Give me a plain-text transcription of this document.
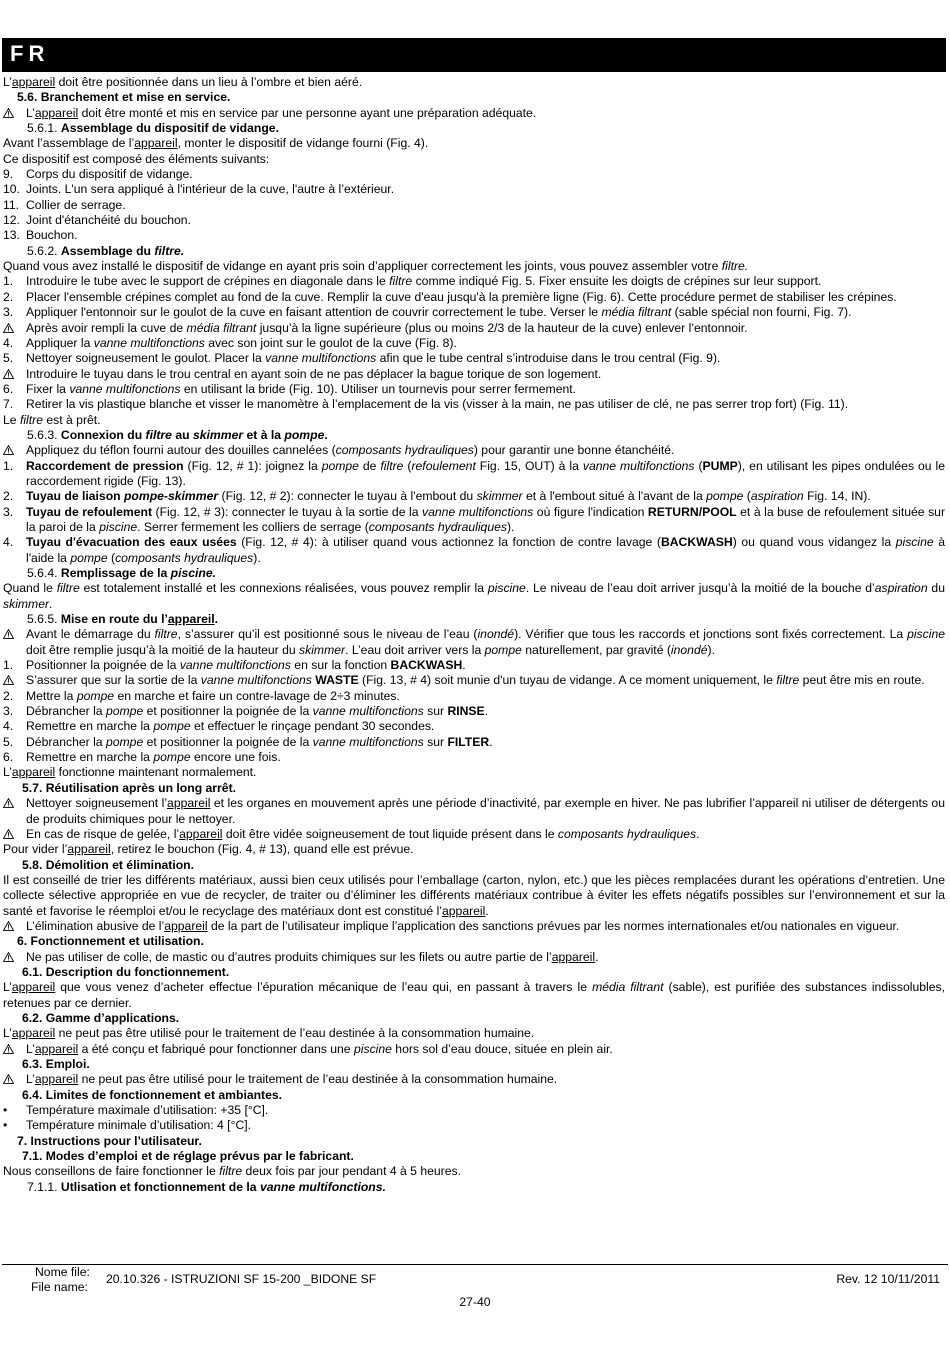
FR
L’appareil doit être positionnée dans un lieu à l’ombre et bien aéré.
5.6. Branchement et mise en service.
L’appareil doit être monté et mis en service par une personne ayant une préparation adéquate.
5.6.1. Assemblage du dispositif de vidange.
Avant l’assemblage de l’appareil, monter le dispositif de vidange fourni (Fig. 4).
Ce dispositif est composé des éléments suivants:
9. Corps du dispositif de vidange.
10. Joints. L'un sera appliqué à l'intérieur de la cuve, l'autre à l’extérieur.
11. Collier de serrage.
12. Joint d'étanchéité du bouchon.
13. Bouchon.
5.6.2. Assemblage du filtre.
Quand vous avez installé le dispositif de vidange en ayant pris soin d’appliquer correctement les joints, vous pouvez assembler votre filtre.
1. Introduire le tube avec le support de crépines en diagonale dans le filtre comme indiqué Fig. 5. Fixer ensuite les doigts de crépines sur leur support.
2. Placer l'ensemble crépines complet au fond de la cuve. Remplir la cuve d'eau jusqu'à la première ligne (Fig. 6). Cette procédure permet de stabiliser les crépines.
3. Appliquer l'entonnoir sur le goulot de la cuve en faisant attention de couvrir correctement le tube. Verser le média filtrant (sable spécial non fourni, Fig. 7).
Après avoir rempli la cuve de média filtrant jusqu’à la ligne supérieure (plus ou moins 2/3 de la hauteur de la cuve) enlever l’entonnoir.
4. Appliquer la vanne multifonctions avec son joint sur le goulot de la cuve (Fig. 8).
5. Nettoyer soigneusement le goulot. Placer la vanne multifonctions afin que le tube central s’introduise dans le trou central (Fig. 9).
Introduire le tuyau dans le trou central en ayant soin de ne pas déplacer la bague torique de son logement.
6. Fixer la vanne multifonctions en utilisant la bride (Fig. 10). Utiliser un tournevis pour serrer fermement.
7. Retirer la vis plastique blanche et visser le manomètre à l’emplacement de la vis (visser à la main, ne pas utiliser de clé, ne pas serrer trop fort) (Fig. 11).
Le filtre est à prêt.
5.6.3. Connexion du filtre au skimmer et à la pompe.
Appliquez du téflon fourni autour des douilles cannelées (composants hydrauliques) pour garantir une bonne étanchéité.
1. Raccordement de pression (Fig. 12, # 1): joignez la pompe de filtre (refoulement Fig. 15, OUT) à la vanne multifonctions (PUMP), en utilisant les pipes ondulées ou le raccordement rigide (Fig. 13).
2. Tuyau de liaison pompe-skimmer (Fig. 12, # 2): connecter le tuyau à l'embout du skimmer et à l'embout situé à l'avant de la pompe (aspiration Fig. 14, IN).
3. Tuyau de refoulement (Fig. 12, # 3): connecter le tuyau à la sortie de la vanne multifonctions où figure l'indication RETURN/POOL et à la buse de refoulement située sur la paroi de la piscine. Serrer fermement les colliers de serrage (composants hydrauliques).
4. Tuyau d'évacuation des eaux usées (Fig. 12, # 4): à utiliser quand vous actionnez la fonction de contre lavage (BACKWASH) ou quand vous vidangez la piscine à l'aide la pompe (composants hydrauliques).
5.6.4. Remplissage de la piscine.
Quand le filtre est totalement installé et les connexions réalisées, vous pouvez remplir la piscine. Le niveau de l’eau doit arriver jusqu’à la moitié de la bouche d’aspiration du skimmer.
5.6.5. Mise en route du l’appareil.
Avant le démarrage du filtre, s’assurer qu’il est positionné sous le niveau de l’eau (inondé). Vérifier que tous les raccords et jonctions sont fixés correctement. La piscine doit être remplie jusqu’à la moitié de la hauteur du skimmer. L’eau doit arriver vers la pompe naturellement, par gravité (inondé).
1. Positionner la poignée de la vanne multifonctions en sur la fonction BACKWASH.
S’assurer que sur la sortie de la vanne multifonctions WASTE (Fig. 13, # 4) soit munie d'un tuyau de vidange. A ce moment uniquement, le filtre peut être mis en route.
2. Mettre la pompe en marche et faire un contre-lavage de 2÷3 minutes.
3. Débrancher la pompe et positionner la poignée de la vanne multifonctions sur RINSE.
4. Remettre en marche la pompe et effectuer le rinçage pendant 30 secondes.
5. Débrancher la pompe et positionner la poignée de la vanne multifonctions sur FILTER.
6. Remettre en marche la pompe encore une fois.
L’appareil fonctionne maintenant normalement.
5.7. Réutilisation après un long arrêt.
Nettoyer soigneusement l’appareil et les organes en mouvement après une période d’inactivité, par exemple en hiver. Ne pas lubrifier l’appareil ni utiliser de détergents ou de produits chimiques pour le nettoyer.
En cas de risque de gelée, l’appareil doit être vidée soigneusement de tout liquide présent dans le composants hydrauliques.
Pour vider l’appareil, retirez le bouchon (Fig. 4, # 13), quand elle est prévue.
5.8. Démolition et élimination.
Il est conseillé de trier les différents matériaux, aussi bien ceux utilisés pour l’emballage (carton, nylon, etc.) que les pièces remplacées durant les opérations d’entretien. Une collecte sélective appropriée en vue de recycler, de traiter ou d’éliminer les différents matériaux contribue à éviter les effets négatifs possibles sur l’environnement et sur la santé et favorise le réemploi et/ou le recyclage des matériaux dont est constitué l’appareil.
L’élimination abusive de l’appareil de la part de l’utilisateur implique l’application des sanctions prévues par les normes internationales et/ou nationales en vigueur.
6. Fonctionnement et utilisation.
Ne pas utiliser de colle, de mastic ou d’autres produits chimiques sur les filets ou autre partie de l’appareil.
6.1. Description du fonctionnement.
L’appareil que vous venez d’acheter effectue l’épuration mécanique de l’eau qui, en passant à travers le média filtrant (sable), est purifiée des substances indissolubles, retenues par ce dernier.
6.2. Gamme d’applications.
L’appareil ne peut pas être utilisé pour le traitement de l’eau destinée à la consommation humaine.
L’appareil a été conçu et fabriqué pour fonctionner dans une piscine hors sol d’eau douce, située en plein air.
6.3. Emploi.
L’appareil ne peut pas être utilisé pour le traitement de l’eau destinée à la consommation humaine.
6.4. Limites de fonctionnement et ambiantes.
• Température maximale d’utilisation: +35 [°C].
• Température minimale d’utilisation: 4 [°C].
7. Instructions pour l’utilisateur.
7.1. Modes d’emploi et de réglage prévus par le fabricant.
Nous conseillons de faire fonctionner le filtre deux fois par jour pendant 4 à 5 heures.
7.1.1. Utlisation et fonctionnement de la vanne multifonctions.
Nome file:
File name:
20.10.326 - ISTRUZIONI SF 15-200 _BIDONE SF	Rev. 12 10/11/2011
27-40
